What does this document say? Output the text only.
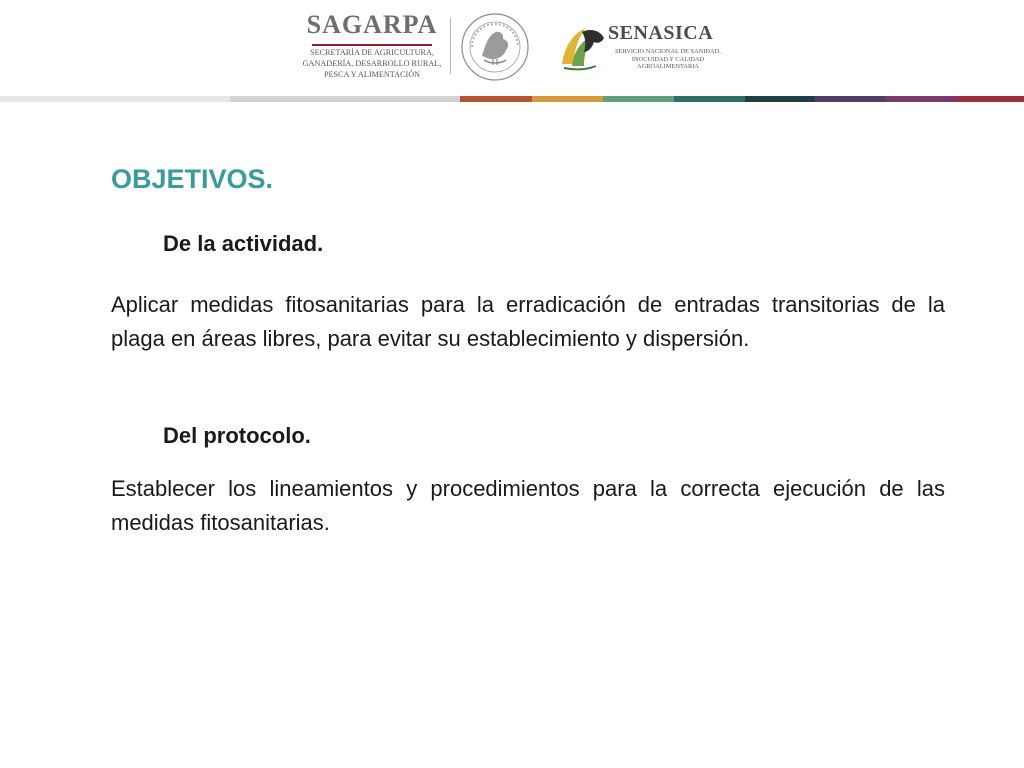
SAGARPA
SECRETARÍA DE AGRICULTURA,
GANADERÍA, DESARROLLO RURAL,
PESCA Y ALIMENTACIÓN
SENASICA
SERVICIO NACIONAL DE SANIDAD,
INOCUIDAD Y CALIDAD
AGROALIMENTARIA
OBJETIVOS.
De la actividad.

Aplicar medidas fitosanitarias para la erradicación de entradas transitorias de la plaga en áreas libres, para evitar su establecimiento y dispersión.

Del protocolo.

Establecer los lineamientos y procedimientos para la correcta ejecución de las medidas fitosanitarias.
